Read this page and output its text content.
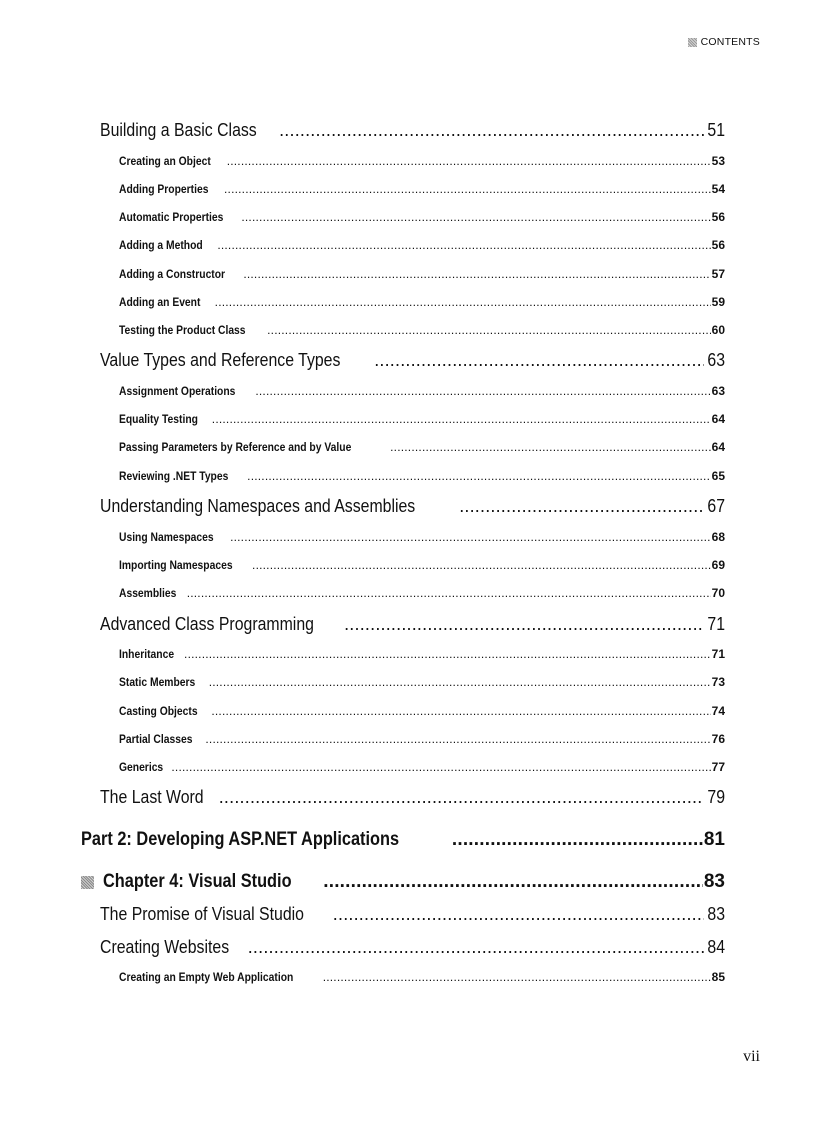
CONTENTS
Building a Basic Class .....	51
Creating an Object .....	53
Adding Properties .....	54
Automatic Properties .....	56
Adding a Method .....	56
Adding a Constructor .....	57
Adding an Event .....	59
Testing the Product Class .....	60
Value Types and Reference Types .....	63
Assignment Operations .....	63
Equality Testing .....	64
Passing Parameters by Reference and by Value .....	64
Reviewing .NET Types .....	65
Understanding Namespaces and Assemblies .....	67
Using Namespaces .....	68
Importing Namespaces .....	69
Assemblies .....	70
Advanced Class Programming .....	71
Inheritance .....	71
Static Members .....	73
Casting Objects .....	74
Partial Classes .....	76
Generics .....	77
The Last Word .....	79
Part 2: Developing ASP.NET Applications .....	81
Chapter 4: Visual Studio .....	83
The Promise of Visual Studio .....	83
Creating Websites .....	84
Creating an Empty Web Application .....	85
vii
